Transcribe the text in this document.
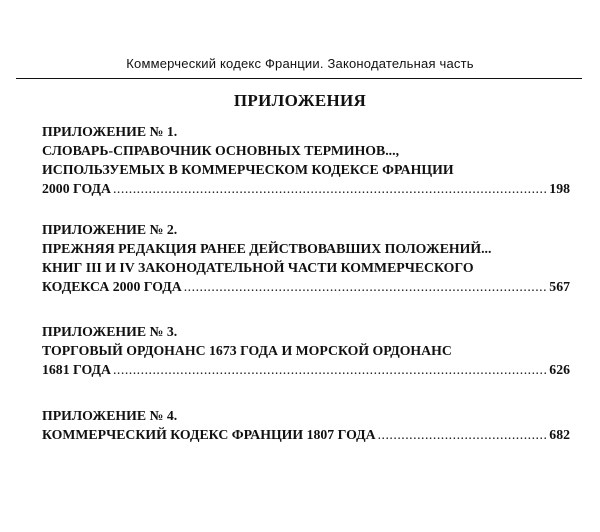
Коммерческий кодекс Франции. Законодательная часть
ПРИЛОЖЕНИЯ
ПРИЛОЖЕНИЕ № 1.
СЛОВАРЬ-СПРАВОЧНИК ОСНОВНЫХ ТЕРМИНОВ...,
ИСПОЛЬЗУЕМЫХ В КОММЕРЧЕСКОМ КОДЕКСЕ ФРАНЦИИ
2000 ГОДА .....	198
ПРИЛОЖЕНИЕ № 2.
ПРЕЖНЯЯ РЕДАКЦИЯ РАНЕЕ ДЕЙСТВОВАВШИХ ПОЛОЖЕНИЙ...
КНИГ III И IV ЗАКОНОДАТЕЛЬНОЙ ЧАСТИ КОММЕРЧЕСКОГО
КОДЕКСА 2000 ГОДА .....	567
ПРИЛОЖЕНИЕ № 3.
ТОРГОВЫЙ ОРДОНАНС 1673 ГОДА И МОРСКОЙ ОРДОНАНС
1681 ГОДА .....	626
ПРИЛОЖЕНИЕ № 4.
КОММЕРЧЕСКИЙ КОДЕКС ФРАНЦИИ 1807 ГОДА .....	682
